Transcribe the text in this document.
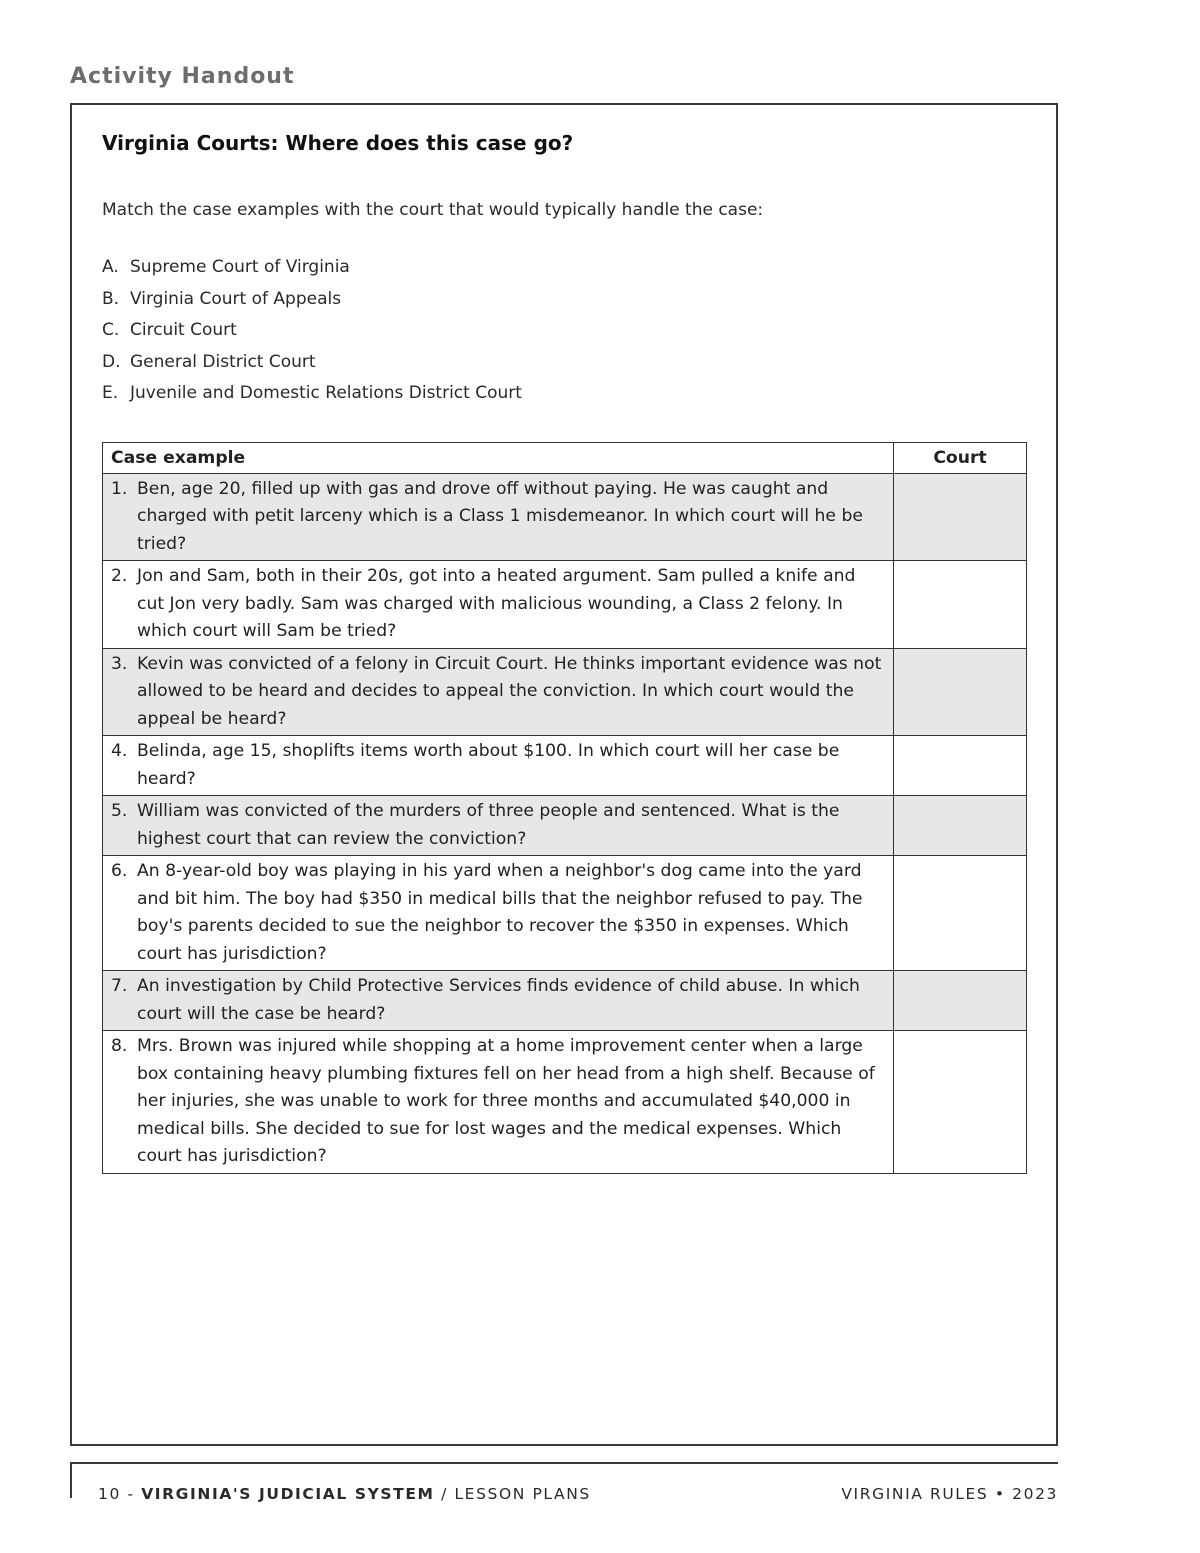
Activity Handout
Virginia Courts: Where does this case go?

Match the case examples with the court that would typically handle the case:

A. Supreme Court of Virginia
B. Virginia Court of Appeals
C. Circuit Court
D. General District Court
E. Juvenile and Domestic Relations District Court
Case example	Court

1. Ben, age 20, filled up with gas and drove off without paying. He was caught and charged with petit larceny which is a Class 1 misdemeanor. In which court will he be tried?	

2. Jon and Sam, both in their 20s, got into a heated argument. Sam pulled a knife and cut Jon very badly. Sam was charged with malicious wounding, a Class 2 felony. In which court will Sam be tried?	

3. Kevin was convicted of a felony in Circuit Court. He thinks important evidence was not allowed to be heard and decides to appeal the conviction. In which court would the appeal be heard?	

4. Belinda, age 15, shoplifts items worth about $100. In which court will her case be heard?	

5. William was convicted of the murders of three people and sentenced. What is the highest court that can review the conviction?	

6. An 8-year-old boy was playing in his yard when a neighbor's dog came into the yard and bit him. The boy had $350 in medical bills that the neighbor refused to pay. The boy's parents decided to sue the neighbor to recover the $350 in expenses. Which court has jurisdiction?	

7. An investigation by Child Protective Services finds evidence of child abuse. In which court will the case be heard?	

8. Mrs. Brown was injured while shopping at a home improvement center when a large box containing heavy plumbing fixtures fell on her head from a high shelf. Because of her injuries, she was unable to work for three months and accumulated $40,000 in medical bills. She decided to sue for lost wages and the medical expenses. Which court has jurisdiction?	

10 - VIRGINIA'S JUDICIAL SYSTEM / LESSON PLANS	VIRGINIA RULES • 2023
